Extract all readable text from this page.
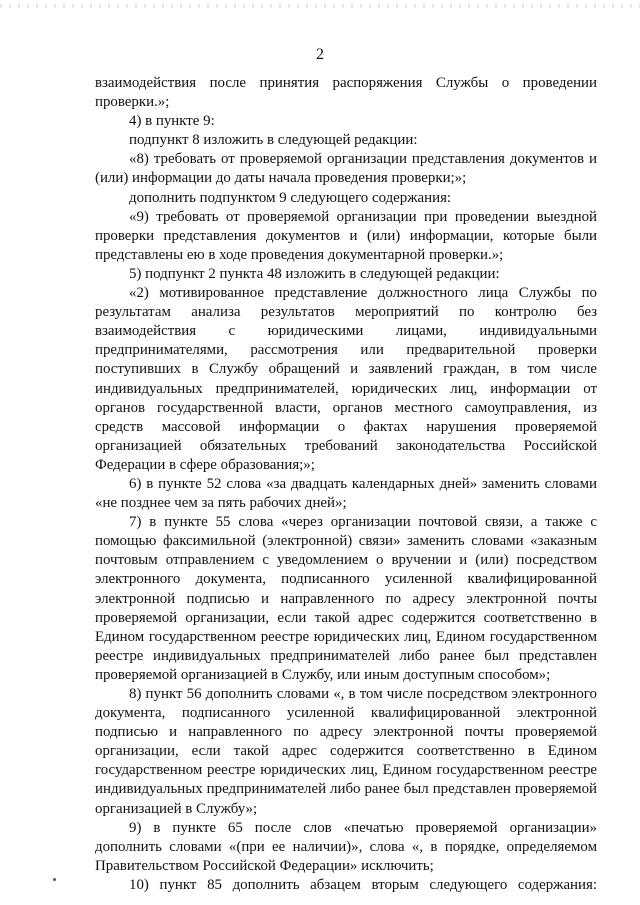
2

взаимодействия после принятия распоряжения Службы о проведении проверки.»;

4) в пункте 9:

подпункт 8 изложить в следующей редакции:

«8) требовать от проверяемой организации представления документов и (или) информации до даты начала проведения проверки;»;

дополнить подпунктом 9 следующего содержания:

«9) требовать от проверяемой организации при проведении выездной проверки представления документов и (или) информации, которые были представлены ею в ходе проведения документарной проверки.»;

5) подпункт 2 пункта 48 изложить в следующей редакции:

«2) мотивированное представление должностного лица Службы по результатам анализа результатов мероприятий по контролю без взаимодействия с юридическими лицами, индивидуальными предпринимателями, рассмотрения или предварительной проверки поступивших в Службу обращений и заявлений граждан, в том числе индивидуальных предпринимателей, юридических лиц, информации от органов государственной власти, органов местного самоуправления, из средств массовой информации о фактах нарушения проверяемой организацией обязательных требований законодательства Российской Федерации в сфере образования;»;

6) в пункте 52 слова «за двадцать календарных дней» заменить словами «не позднее чем за пять рабочих дней»;

7) в пункте 55 слова «через организации почтовой связи, а также с помощью факсимильной (электронной) связи» заменить словами «заказным почтовым отправлением с уведомлением о вручении и (или) посредством электронного документа, подписанного усиленной квалифицированной электронной подписью и направленного по адресу электронной почты проверяемой организации, если такой адрес содержится соответственно в Едином государственном реестре юридических лиц, Едином государственном реестре индивидуальных предпринимателей либо ранее был представлен проверяемой организацией в Службу, или иным доступным способом»;

8) пункт 56 дополнить словами «, в том числе посредством электронного документа, подписанного усиленной квалифицированной электронной подписью и направленного по адресу электронной почты проверяемой организации, если такой адрес содержится соответственно в Едином государственном реестре юридических лиц, Едином государственном реестре индивидуальных предпринимателей либо ранее был представлен проверяемой организацией в Службу»;

9) в пункте 65 после слов «печатью проверяемой организации» дополнить словами «(при ее наличии)», слова «, в порядке, определяемом Правительством Российской Федерации» исключить;

10) пункт 85 дополнить абзацем вторым следующего содержания:
